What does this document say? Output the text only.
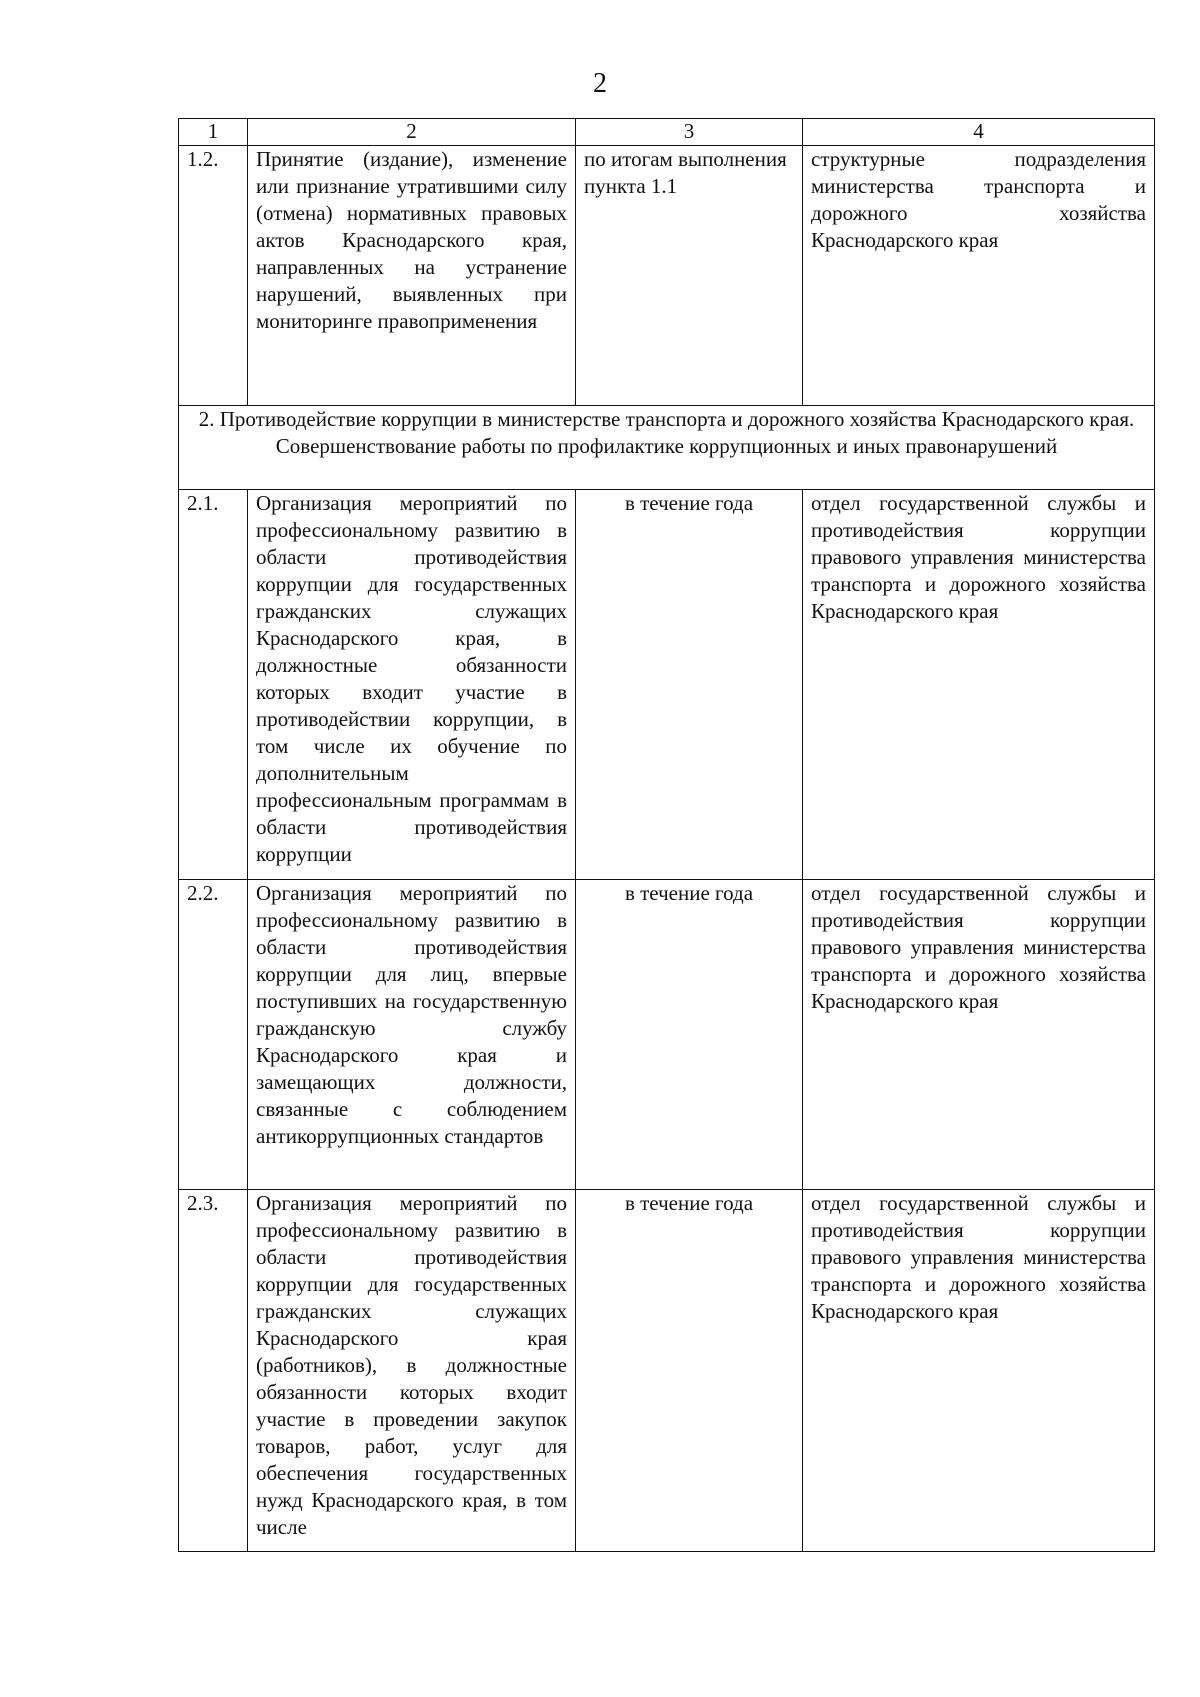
2
1	2	3	4
1.2.	Принятие (издание), изменение или признание утратившими силу (отмена) нормативных правовых актов Краснодарского края, направленных на устранение нарушений, выявленных при мониторинге правоприменения	по итогам выполнения пункта 1.1	структурные подразделения министерства транспорта и дорожного хозяйства Краснодарского края
2. Противодействие коррупции в министерстве транспорта и дорожного хозяйства Краснодарского края. Совершенствование работы по профилактике коррупционных и иных правонарушений			
2.1.	Организация мероприятий по профессиональному развитию в области противодействия коррупции для государственных гражданских служащих Краснодарского края, в должностные обязанности которых входит участие в противодействии коррупции, в том числе их обучение по дополнительным профессиональным программам в области противодействия коррупции	в течение года	отдел государственной службы и противодействия коррупции правового управления министерства транспорта и дорожного хозяйства Краснодарского края
2.2.	Организация мероприятий по профессиональному развитию в области противодействия коррупции для лиц, впервые поступивших на государственную гражданскую службу Краснодарского края и замещающих должности, связанные с соблюдением антикоррупционных стандартов	в течение года	отдел государственной службы и противодействия коррупции правового управления министерства транспорта и дорожного хозяйства Краснодарского края
2.3.	Организация мероприятий по профессиональному развитию в области противодействия коррупции для государственных гражданских служащих Краснодарского края (работников), в должностные обязанности которых входит участие в проведении закупок товаров, работ, услуг для обеспечения государственных нужд Краснодарского края, в том числе	в течение года	отдел государственной службы и противодействия коррупции правового управления министерства транспорта и дорожного хозяйства Краснодарского края
